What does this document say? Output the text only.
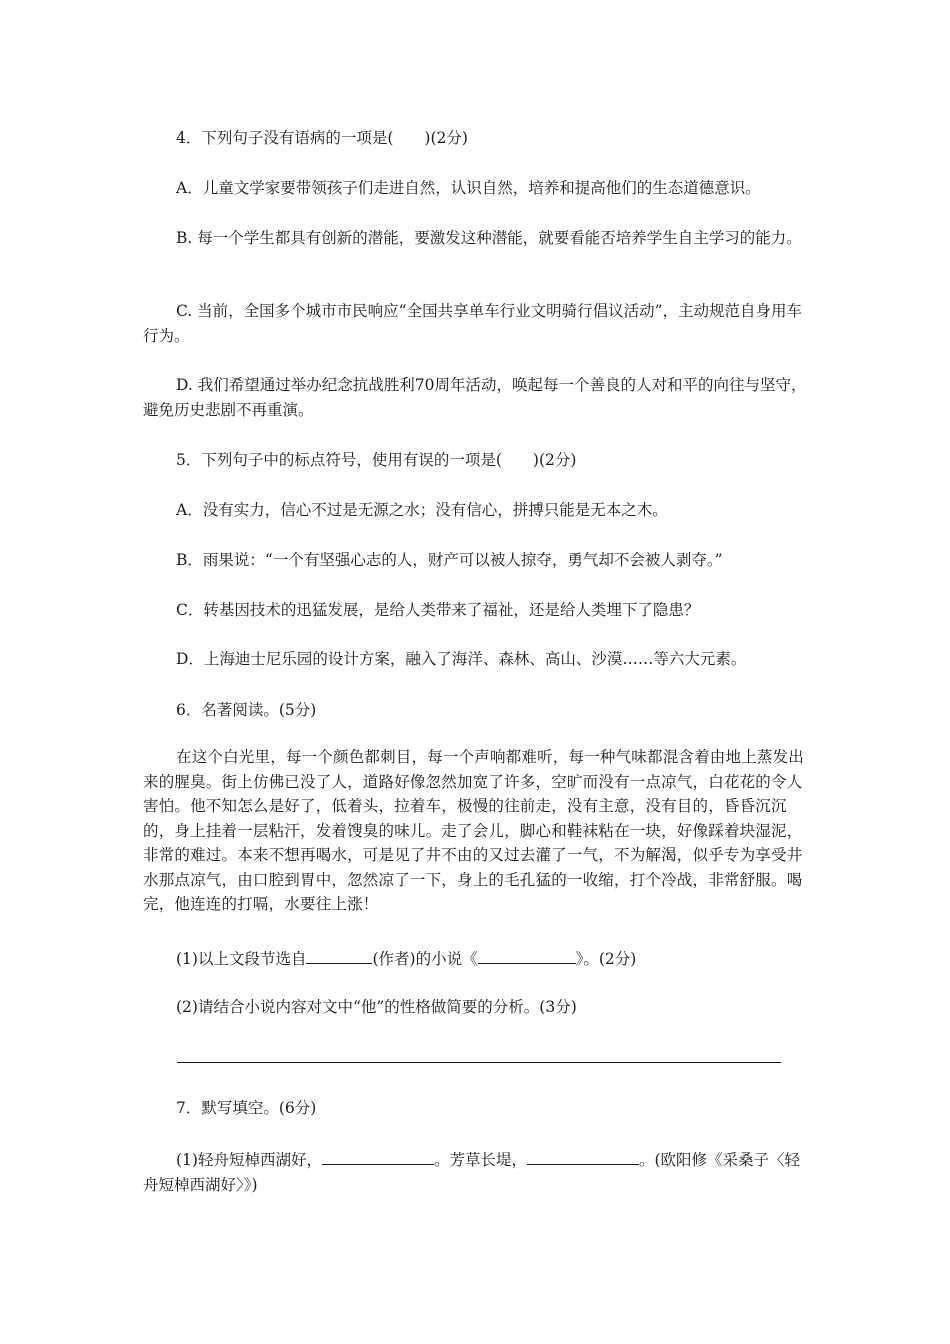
4．下列句子没有语病的一项是(　　)(2分)

A．儿童文学家要带领孩子们走进自然，认识自然，培养和提高他们的生态道德意识。

B. 每一个学生都具有创新的潜能，要激发这种潜能，就要看能否培养学生自主学习的能力。

C. 当前，全国多个城市市民响应“全国共享单车行业文明骑行倡议活动”，主动规范自身用车行为。

D. 我们希望通过举办纪念抗战胜利70周年活动，唤起每一个善良的人对和平的向往与坚守，避免历史悲剧不再重演。

5．下列句子中的标点符号，使用有误的一项是(　　)(2分)

A．没有实力，信心不过是无源之水；没有信心，拼搏只能是无本之木。

B．雨果说：“一个有坚强心志的人，财产可以被人掠夺，勇气却不会被人剥夺。”

C．转基因技术的迅猛发展，是给人类带来了福祉，还是给人类埋下了隐患？

D．上海迪士尼乐园的设计方案，融入了海洋、森林、高山、沙漠……等六大元素。

6．名著阅读。(5分)

在这个白光里，每一个颜色都刺目，每一个声响都难听，每一种气味都混含着由地上蒸发出来的腥臭。街上仿佛已没了人，道路好像忽然加宽了许多，空旷而没有一点凉气，白花花的令人害怕。他不知怎么是好了，低着头，拉着车，极慢的往前走，没有主意，没有目的，昏昏沉沉的，身上挂着一层粘汗，发着馊臭的味儿。走了会儿，脚心和鞋袜粘在一块，好像踩着块湿泥，非常的难过。本来不想再喝水，可是见了井不由的又过去灌了一气，不为解渴，似乎专为享受井水那点凉气，由口腔到胃中，忽然凉了一下，身上的毛孔猛的一收缩，打个冷战，非常舒服。喝完，他连连的打嗝，水要往上涨！

(1)以上文段节选自	(作者)的小说《	》。(2分)

(2)请结合小说内容对文中“他”的性格做简要的分析。(3分)

7．默写填空。(6分)

(1)轻舟短棹西湖好，	。芳草长堤，	。(欧阳修《采桑子〈轻舟短棹西湖好〉》)
